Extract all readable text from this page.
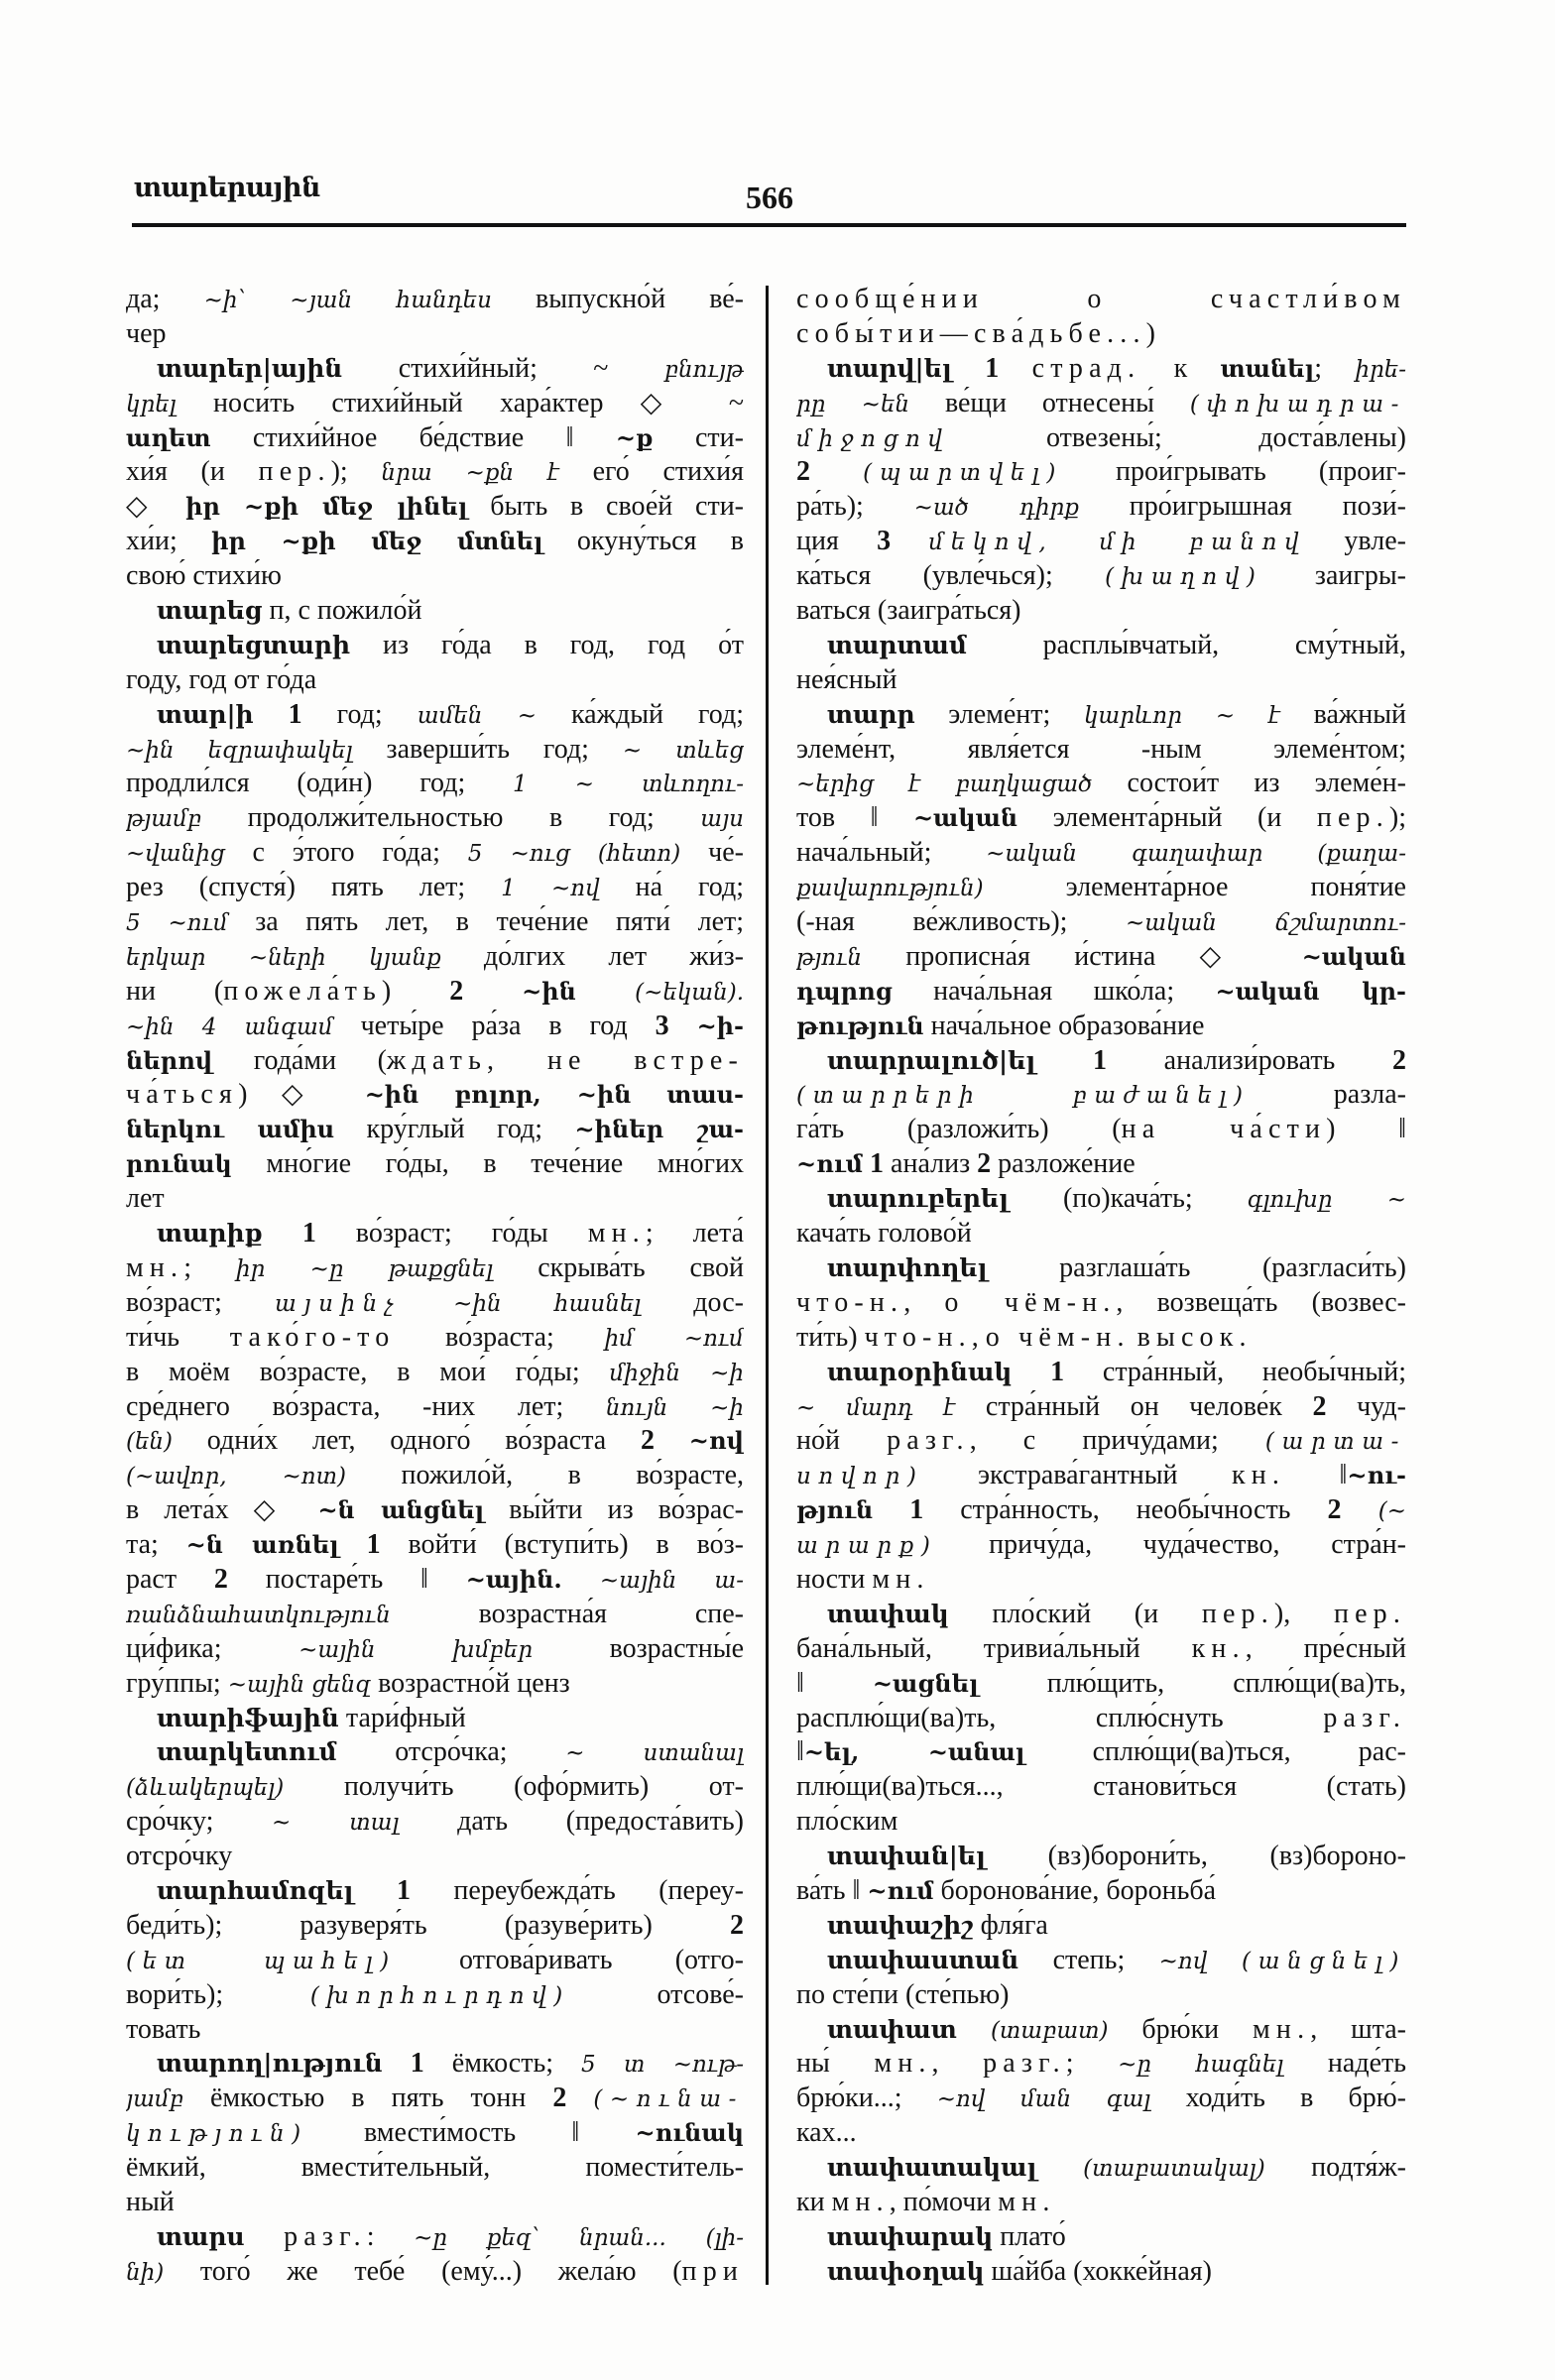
տարերային	566
да; ~ի՝ ~յան հանդես выпускно́й ве́-
чер
տարեր|ային стихи́йный; ~ բնույթ
կրել носи́ть стихи́йный хара́ктер ◇ ~
աղետ стихи́йное бе́дствие ‖ ~ք сти-
хи́я (и пер.); նրա ~քն է его́ стихи́я
◇ իր ~քի մեջ լինել быть в свое́й сти-
хи́и; իր ~քի մեջ մտնել окуну́ться в
свою́ стихи́ю
տարեց п, с пожило́й
տարեցտարի из го́да в год, год о́т
году, год от го́да
տար|ի 1 год; ամեն ~ ка́ждый год;
~ին եզրափակել заверши́ть год; ~ տևեց
продли́лся (оди́н) год; 1 ~ տևողու-
թյամբ продолжи́тельностью в год; այս
~վանից с э́того го́да; 5 ~ուց (հետո) че́-
рез (спустя́) пять лет; 1 ~ով на́ год;
5 ~ում за пять лет, в тече́ние пяти́ лет;
երկար ~ների կյանք до́лгих лет жи́з-
ни (пожела́ть) 2 ~ին (~եկան).
~ին 4 անգամ четы́ре ра́за в год 3 ~ի-
ներով года́ми (ждать, не встре-
ча́ться) ◇ ~ին բոլոր, ~ին տաս-
ներկու ամիս кру́глый год; ~իներ շա-
րունակ мно́гие го́ды, в тече́ние мно́гих
лет
տարիք 1 во́зраст; го́ды мн.; лета́
мн.; իր ~ը թաքցնել скрыва́ть свой
во́зраст; այսինչ ~ին հասնել дос-
ти́чь тако́го-то во́зраста; իմ ~ում
в моём во́зрасте, в мои́ го́ды; միջին ~ի
сре́днего во́зраста, -них лет; նույն ~ի
(են) одни́х лет, одного́ во́зраста 2 ~ով
(~ավոր, ~ոտ) пожило́й, в во́зрасте,
в лета́х ◇ ~ն անցնել вы́йти из во́зрас-
та; ~ն առնել 1 войти́ (вступи́ть) в во́з-
раст 2 постаре́ть ‖ ~ային. ~ային ա-
ռանձնահատկություն возрастна́я спе-
ци́фика; ~ային խմբեր возрастны́е
гру́ппы; ~ային ցենզ возрастно́й ценз
տարիֆային тари́фный
տարկետում отсро́чка; ~ ստանալ
(ձևակերպել) получи́ть (офо́рмить) от-
сро́чку; ~ տալ дать (предоста́вить)
отсро́чку
տարհամոզել 1 переубежда́ть (переу-
беди́ть); разуверя́ть (разуве́рить) 2
(ետ պահել) отгова́ривать (отго-
вори́ть); (խորհուրդով) отсове́-
товать
տարող|ություն 1 ёмкость; 5 տ ~ութ-
յամբ ёмкостью в пять тонн 2 (~ունա-
կություն) вмести́мость ‖ ~ունակ
ёмкий, вмести́тельный, помести́тель-
ный
տարս разг.: ~ը քեզ՝ նրան... (լի-
նի) того́ же тебе́ (ему́...) жела́ю (при
сообще́нии о счастли́вом
собы́тии—сва́дьбе...)
տարվ|ել 1 страд. к տանել; իրե-
րը ~են ве́щи отнесены́ (փոխադրա-
միջոցով отвезены́; доста́влены)
2 (պարտվել) прои́грывать (проиг-
ра́ть); ~ած դիրք про́игрышная пози́-
ция 3 մեկով, մի բանով увле-
ка́ться (увле́чься); (խաղով) заигры-
ваться (заигра́ться)
տարտամ расплы́вчатый, сму́тный,
нея́сный
տարր элеме́нт; կարևոր ~ է ва́жный
элеме́нт, явля́ется -ным элеме́нтом;
~երից է բաղկացած состои́т из элеме́н-
тов ‖ ~ական элемента́рный (и пер.);
нача́льный; ~ական գաղափար (քաղա-
քավարություն) элемента́рное поня́тие
(-ная ве́жливость); ~ական ճշմարտու-
թյուն прописна́я и́стина ◇ ~ական
դպրոց нача́льная шко́ла; ~ական կր-
թություն нача́льное образова́ние
տարրալուծ|ել 1 анализи́ровать 2
(տարրերի բաժանել) разла-
га́ть (разложи́ть) (на ча́сти) ‖
~ում 1 ана́лиз 2 разложе́ние
տարուբերել (по)кача́ть; գլուխը ~
кача́ть голово́й
տարփողել разглаша́ть (разгласи́ть)
что-н., о чём-н., возвеща́ть (возвес-
ти́ть) что-н., о чём-н. высок.
տարօրինակ 1 стра́нный, необы́чный;
~ մարդ է стра́нный он челове́к 2 чуд-
но́й разг., с причу́дами; (արտա-
սովոր) экстрава́гантный кн. ‖~ու-
թյուն 1 стра́нность, необы́чность 2 (~
արարք) причу́да, чуда́чество, стра́н-
ности мн.
տափակ пло́ский (и пер.), пер.
бана́льный, тривиа́льный кн., пре́сный
‖ ~ացնել плю́щить, сплю́щи(ва)ть,
расплю́щи(ва)ть, сплю́снуть разг.
‖~ել, ~անալ сплю́щи(ва)ться, рас-
плю́щи(ва)ться..., станови́ться (стать)
пло́ским
տափան|ել (вз)борони́ть, (вз)бороно-
ва́ть ‖ ~ում боронова́ние, бороньба́
տափաշիշ фля́га
տափաստան степь; ~ով (անցնել)
по сте́пи (сте́пью)
տափատ (տաբատ) брю́ки мн., шта-
ны́ мн., разг.; ~ը հագնել наде́ть
брю́ки...; ~ով ման գալ ходи́ть в брю́-
ках...
տափատակալ (տաբատակալ) подтя́ж-
ки мн., по́мочи мн.
տափարակ плато́
տափօղակ ша́йба (хокке́йная)
